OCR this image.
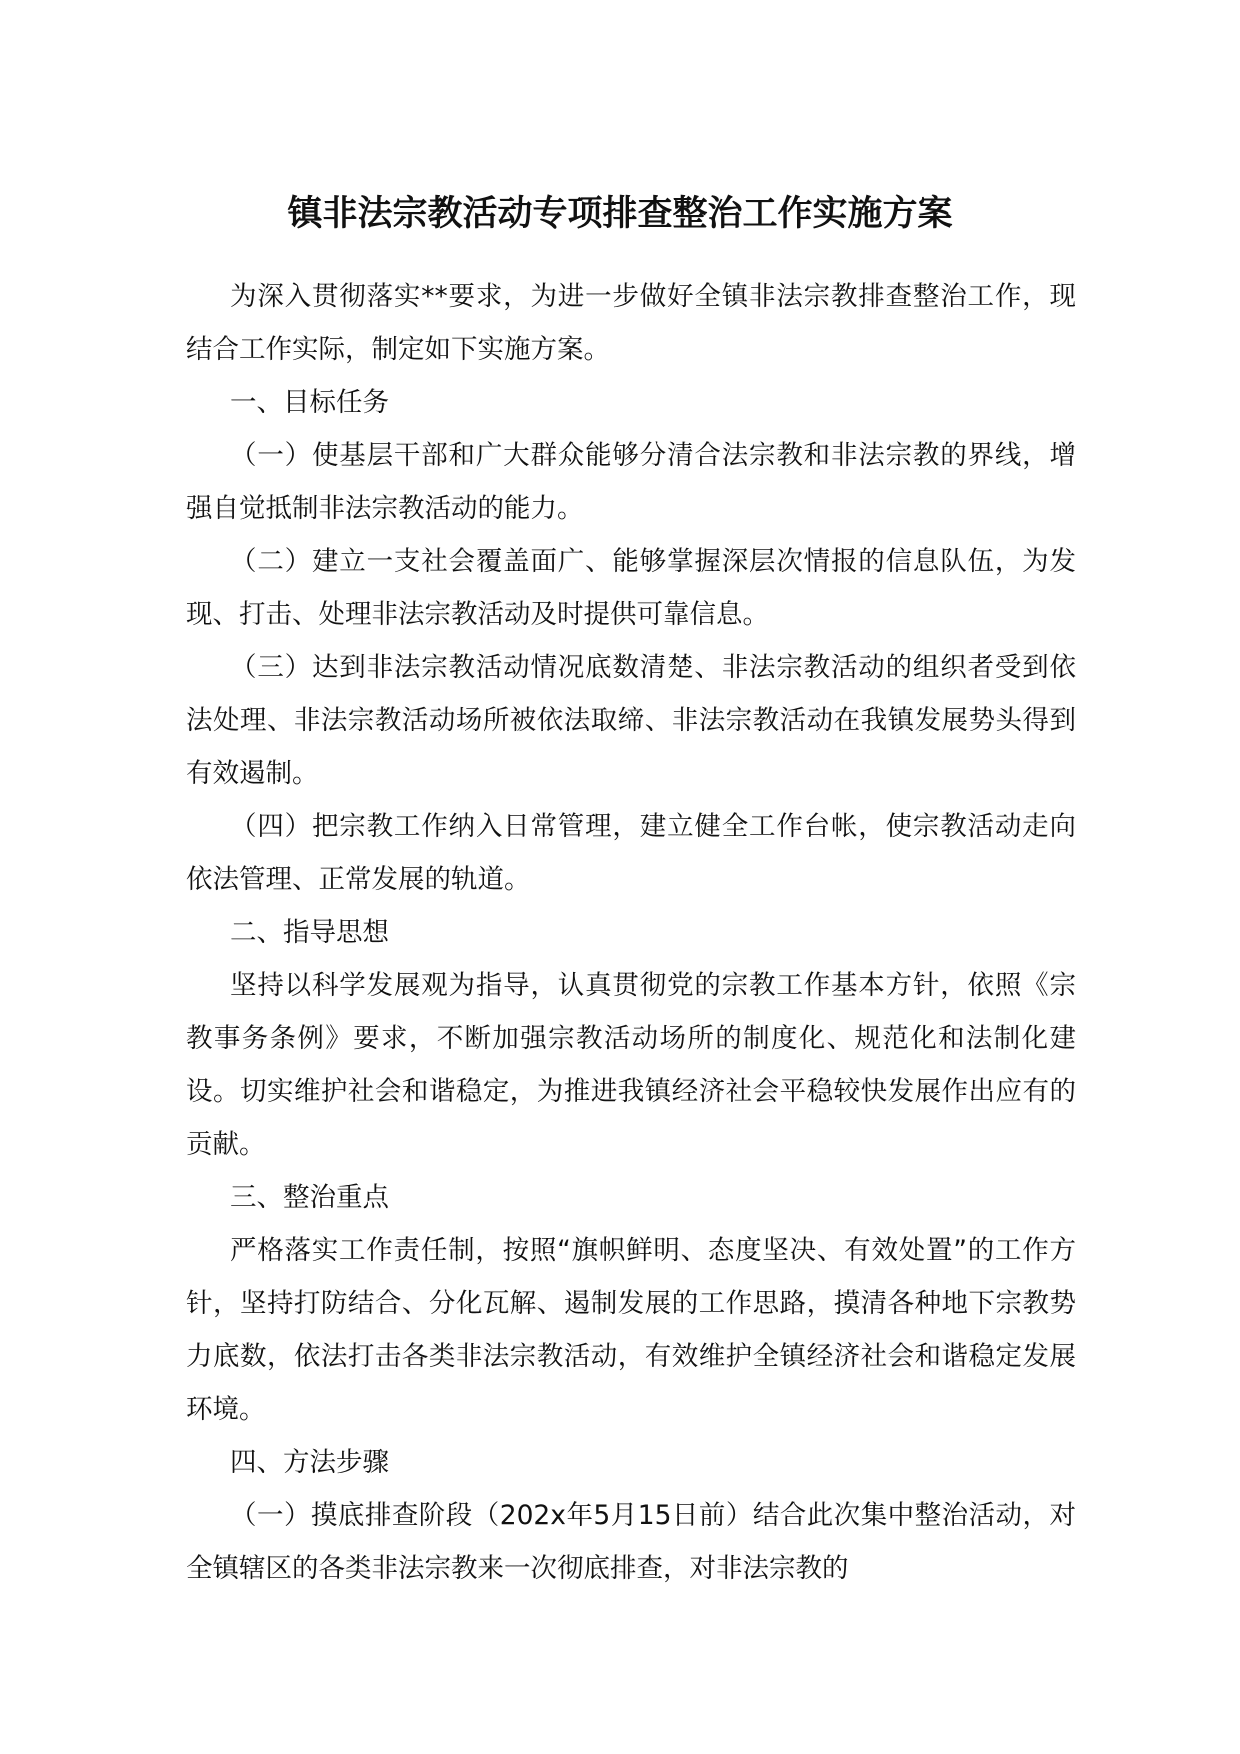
镇非法宗教活动专项排查整治工作实施方案

为深入贯彻落实**要求，为进一步做好全镇非法宗教排查整治工作，现结合工作实际，制定如下实施方案。

一、目标任务

（一）使基层干部和广大群众能够分清合法宗教和非法宗教的界线，增强自觉抵制非法宗教活动的能力。

（二）建立一支社会覆盖面广、能够掌握深层次情报的信息队伍，为发现、打击、处理非法宗教活动及时提供可靠信息。

（三）达到非法宗教活动情况底数清楚、非法宗教活动的组织者受到依法处理、非法宗教活动场所被依法取缔、非法宗教活动在我镇发展势头得到有效遏制。

（四）把宗教工作纳入日常管理，建立健全工作台帐，使宗教活动走向依法管理、正常发展的轨道。

二、指导思想

坚持以科学发展观为指导，认真贯彻党的宗教工作基本方针，依照《宗教事务条例》要求，不断加强宗教活动场所的制度化、规范化和法制化建设。切实维护社会和谐稳定，为推进我镇经济社会平稳较快发展作出应有的贡献。

三、整治重点

严格落实工作责任制，按照“旗帜鲜明、态度坚决、有效处置”的工作方针，坚持打防结合、分化瓦解、遏制发展的工作思路，摸清各种地下宗教势力底数，依法打击各类非法宗教活动，有效维护全镇经济社会和谐稳定发展环境。

四、方法步骤

（一）摸底排查阶段（202x年5月15日前）结合此次集中整治活动，对全镇辖区的各类非法宗教来一次彻底排查，对非法宗教的
